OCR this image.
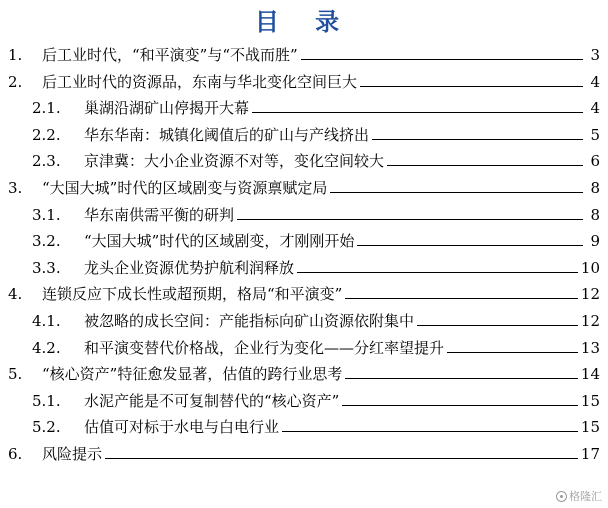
目 录
1.	后工业时代，“和平演变”与“不战而胜”	3
2.	后工业时代的资源品，东南与华北变化空间巨大	4
2.1.	巢湖沿湖矿山停揭开大幕	4
2.2.	华东华南：城镇化阈值后的矿山与产线挤出	5
2.3.	京津冀：大小企业资源不对等，变化空间较大	6
3.	“大国大城”时代的区域剧变与资源禀赋定局	8
3.1.	华东南供需平衡的研判	8
3.2.	“大国大城”时代的区域剧变，才刚刚开始	9
3.3.	龙头企业资源优势护航利润释放	10
4.	连锁反应下成长性或超预期，格局“和平演变”	12
4.1.	被忽略的成长空间：产能指标向矿山资源依附集中	12
4.2.	和平演变替代价格战，企业行为变化——分红率望提升	13
5.	“核心资产”特征愈发显著，估值的跨行业思考	14
5.1.	水泥产能是不可复制替代的“核心资产”	15
5.2.	估值可对标于水电与白电行业	15
6.	风险提示	17
格隆汇
